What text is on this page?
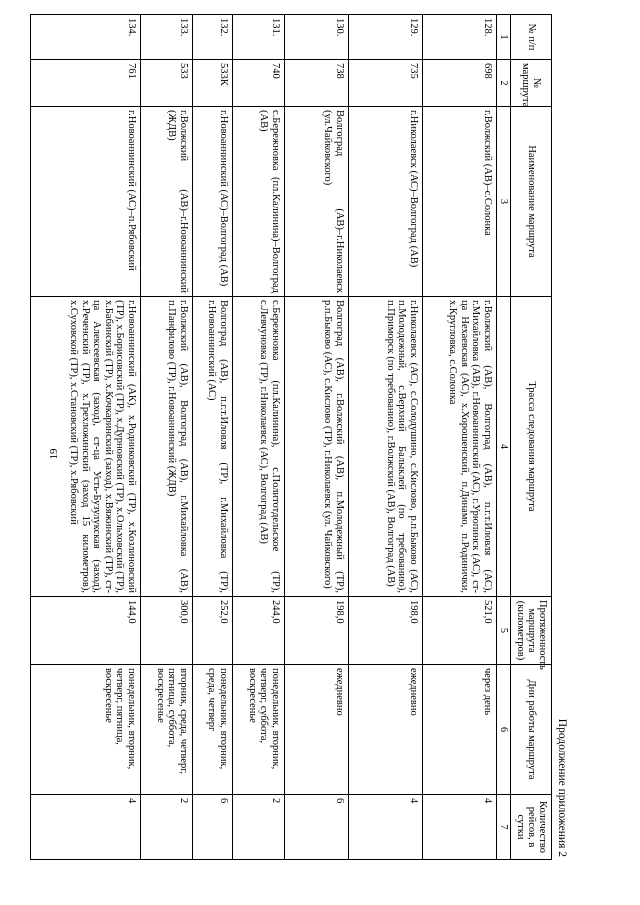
19
Продолжение приложения 2
№ п/п	№ маршрута	Наименование маршрута	Трасса следования маршрута	Протяженность маршрута (километров)	Дни работы маршрута	Количество рейсов, в сутки
1	2	3	4	5	6	7
128.	698	г.Волжский (АВ)–с.Солонка	г.Волжский (АВ), Волгоград (АВ), п.г.т.Иловля (АС), г.Михайловка (АВ), г.Новоаннинский (АС), г.Урюпинск (АС), ст-ца Нехаевская (АС), х.Хорошенский, п.Динамо, п.Родинички, х.Кругловка, с.Солонка	521,0	через день	4
129.	735	г.Николаевск (АС)–Волгоград (АВ)	г.Николаевск (АС), с.Солодушино, с.Кислово, р.п.Быково (АС), п.Молодежный, с.Верхний Балыклей (по требованию), п.Приморск (по требованию), г.Волжский (АВ), Волгоград (АВ)	198,0	ежедневно	4
130.	738	Волгоград (АВ)–г.Николаевск (ул.Чайковского)	Волгоград (АВ), г.Волжский (АВ), п.Молодежный (ТР), р.п.Быково (АС), с.Кислово (ТР), г.Николаевск (ул. Чайковского)	198,0	ежедневно	6
131.	740	с.Бережновка (пл.Калинина)–Волгоград (АВ)	с.Бережновка (пл.Калинина), с.Политотдельское (ТР), с.Левчуновка (ТР), г.Николаевск (АС), Волгоград (АВ)	244,0	понедельник, вторник, четверг, суббота, воскресенье	2
132.	533К	г.Новоаннинский (АС)–Волгоград (АВ)	Волгоград (АВ), п.г.т.Иловля (ТР), г.Михайловка (ТР), г.Новоаннинский (АС)	252,0	понедельник, вторник, среда, четверг	6
133.	533	г.Волжский (АВ)–г.Новоаннинский (ЖДВ)	г.Волжский (АВ), Волгоград (АВ), г.Михайловка (АВ), п.Панфилово (ТР), г.Новоаннинский (ЖДВ)	300,0	вторник, среда, четверг, пятница, суббота, воскресенье	2
134.	761	г.Новоаннинский (АС)–п.Рябовский	г.Новоаннинский (АК), х.Родниковский (ТР), х.Козлиновский (ТР), х.Борисовский (ТР), х.Дурновский (ТР), х.Ольховский (ТР), х.Бабинский (ТР), х.Кочкаринский (заход), х.Вяжинский (ТР), ст-ца Алексеевская (заход), ст-ца Усть-Бузулукская (заход), х.Реченский (ТР), х.Трехложинский (заход 15 километров), х.Суховской (ТР), х.Становский (ТР), х.Рябовский	144,0	понедельник, вторник, четверг, пятница, воскресенье	4
